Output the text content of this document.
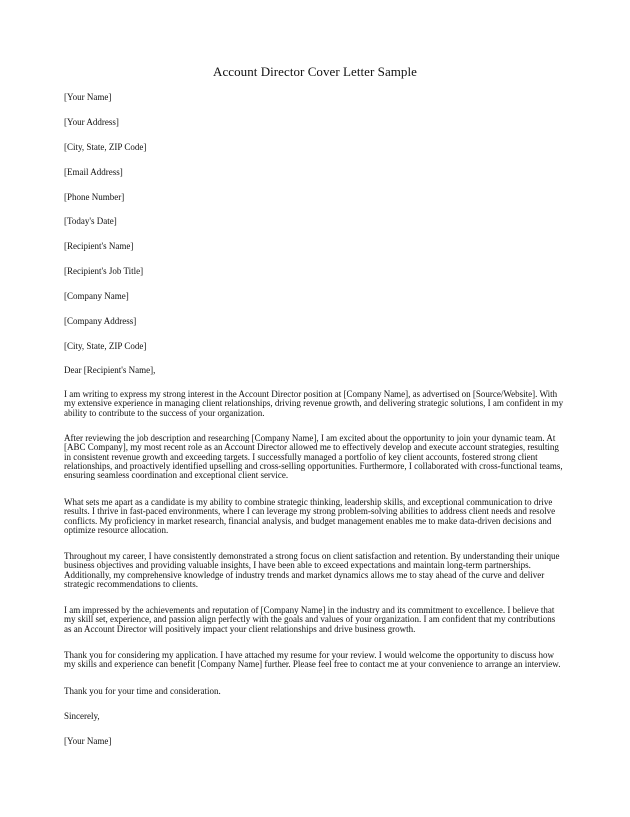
Account Director Cover Letter Sample
[Your Name]
[Your Address]
[City, State, ZIP Code]
[Email Address]
[Phone Number]
[Today's Date]
[Recipient's Name]
[Recipient's Job Title]
[Company Name]
[Company Address]
[City, State, ZIP Code]
Dear [Recipient's Name],
I am writing to express my strong interest in the Account Director position at [Company Name], as advertised on [Source/Website]. With my extensive experience in managing client relationships, driving revenue growth, and delivering strategic solutions, I am confident in my ability to contribute to the success of your organization.
After reviewing the job description and researching [Company Name], I am excited about the opportunity to join your dynamic team. At [ABC Company], my most recent role as an Account Director allowed me to effectively develop and execute account strategies, resulting in consistent revenue growth and exceeding targets. I successfully managed a portfolio of key client accounts, fostered strong client relationships, and proactively identified upselling and cross-selling opportunities. Furthermore, I collaborated with cross-functional teams, ensuring seamless coordination and exceptional client service.
What sets me apart as a candidate is my ability to combine strategic thinking, leadership skills, and exceptional communication to drive results. I thrive in fast-paced environments, where I can leverage my strong problem-solving abilities to address client needs and resolve conflicts. My proficiency in market research, financial analysis, and budget management enables me to make data-driven decisions and optimize resource allocation.
Throughout my career, I have consistently demonstrated a strong focus on client satisfaction and retention. By understanding their unique business objectives and providing valuable insights, I have been able to exceed expectations and maintain long-term partnerships. Additionally, my comprehensive knowledge of industry trends and market dynamics allows me to stay ahead of the curve and deliver strategic recommendations to clients.
I am impressed by the achievements and reputation of [Company Name] in the industry and its commitment to excellence. I believe that my skill set, experience, and passion align perfectly with the goals and values of your organization. I am confident that my contributions as an Account Director will positively impact your client relationships and drive business growth.
Thank you for considering my application. I have attached my resume for your review. I would welcome the opportunity to discuss how my skills and experience can benefit [Company Name] further. Please feel free to contact me at your convenience to arrange an interview.
Thank you for your time and consideration.
Sincerely,
[Your Name]
